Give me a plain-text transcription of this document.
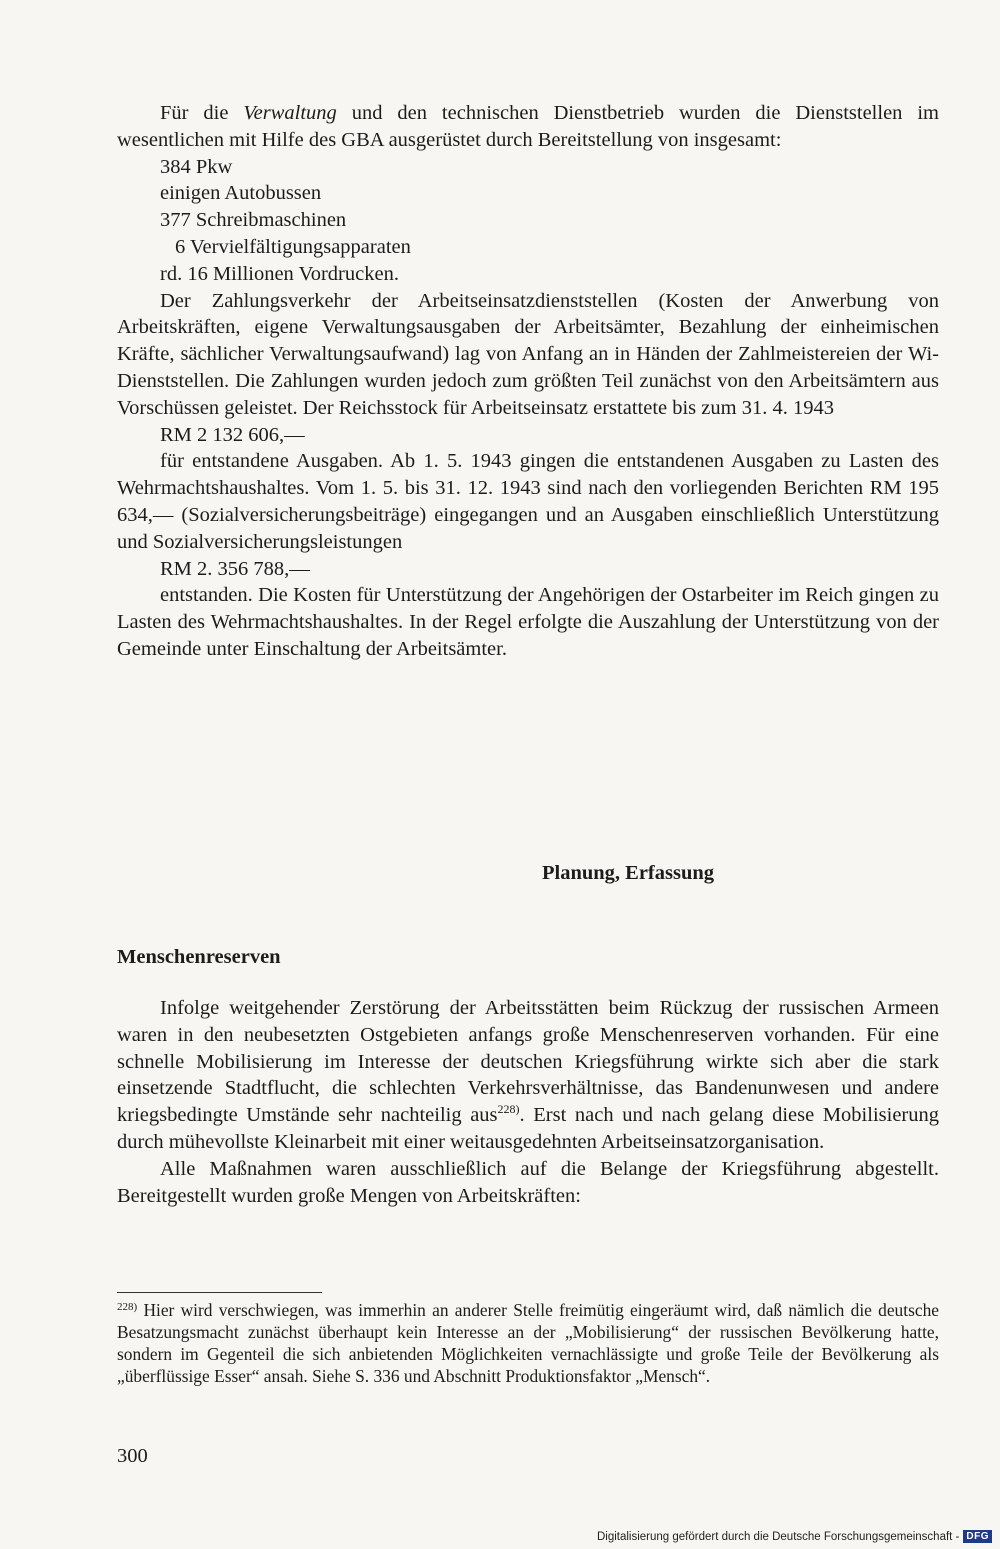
Für die Verwaltung und den technischen Dienstbetrieb wurden die Dienststellen im wesentlichen mit Hilfe des GBA ausgerüstet durch Bereitstellung von insgesamt:

384 Pkw

einigen Autobussen

377 Schreibmaschinen

6 Vervielfältigungsapparaten

rd. 16 Millionen Vordrucken.

Der Zahlungsverkehr der Arbeitseinsatzdienststellen (Kosten der Anwerbung von Arbeitskräften, eigene Verwaltungsausgaben der Arbeitsämter, Bezahlung der einheimischen Kräfte, sächlicher Verwaltungsaufwand) lag von Anfang an in Händen der Zahlmeistereien der Wi-Dienststellen. Die Zahlungen wurden jedoch zum größten Teil zunächst von den Arbeitsämtern aus Vorschüssen geleistet. Der Reichsstock für Arbeitseinsatz erstattete bis zum 31. 4. 1943

RM 2 132 606,—

für entstandene Ausgaben. Ab 1. 5. 1943 gingen die entstandenen Ausgaben zu Lasten des Wehrmachtshaushaltes. Vom 1. 5. bis 31. 12. 1943 sind nach den vorliegenden Berichten RM 195 634,— (Sozialversicherungsbeiträge) eingegangen und an Ausgaben einschließlich Unterstützung und Sozialversicherungsleistungen

RM 2. 356 788,—

entstanden. Die Kosten für Unterstützung der Angehörigen der Ostarbeiter im Reich gingen zu Lasten des Wehrmachtshaushaltes. In der Regel erfolgte die Auszahlung der Unterstützung von der Gemeinde unter Einschaltung der Arbeitsämter.

Planung, Erfassung
Menschenreserven

Infolge weitgehender Zerstörung der Arbeitsstätten beim Rückzug der russischen Armeen waren in den neubesetzten Ostgebieten anfangs große Menschenreserven vorhanden. Für eine schnelle Mobilisierung im Interesse der deutschen Kriegsführung wirkte sich aber die stark einsetzende Stadtflucht, die schlechten Verkehrsverhältnisse, das Bandenunwesen und andere kriegsbedingte Umstände sehr nachteilig aus$^{228)}$. Erst nach und nach gelang diese Mobilisierung durch mühevollste Kleinarbeit mit einer weitausgedehnten Arbeitseinsatzorganisation.

Alle Maßnahmen waren ausschließlich auf die Belange der Kriegsführung abgestellt. Bereitgestellt wurden große Mengen von Arbeitskräften:

$^{228)}$ Hier wird verschwiegen, was immerhin an anderer Stelle freimütig eingeräumt wird, daß nämlich die deutsche Besatzungsmacht zunächst überhaupt kein Interesse an der „Mobilisierung“ der russischen Bevölkerung hatte, sondern im Gegenteil die sich anbietenden Möglichkeiten vernachlässigte und große Teile der Bevölkerung als „überflüssige Esser“ ansah. Siehe S. 336 und Abschnitt Produktionsfaktor „Mensch“.
300
Digitalisierung gefördert durch die Deutsche Forschungsgemeinschaft - DFG
